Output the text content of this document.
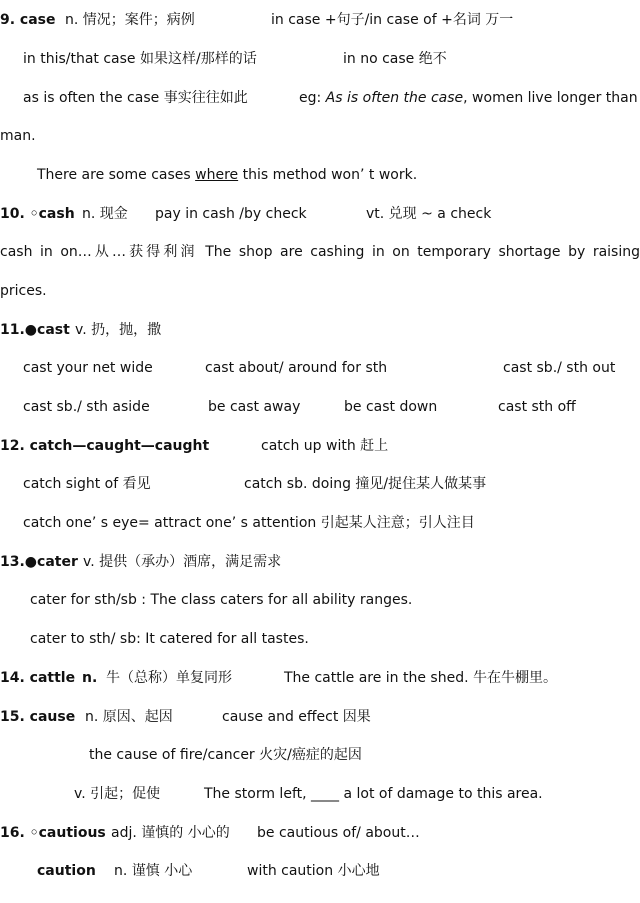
9. case n. 情况；案件；病例	in case +句子/in case of +名词 万一
in this/that case 如果这样/那样的话	in no case 绝不
as is often the case 事实往往如此	eg: As is often the case, women live longer than
man.
There are some cases where this method won’ t work.
10. ◦cash n. 现金 pay in cash /by check	vt. 兑现 ~ a check
cash in on…从…获得利润 The shop are cashing in on temporary shortage by raising
prices.
11.●cast v. 扔，抛，撒
cast your net wide	cast about/ around for sth	cast sb./ sth out
cast sb./ sth aside	be cast away	be cast down	cast sth off
12. catch—caught—caught	catch up with 赶上
catch sight of 看见	catch sb. doing 撞见/捉住某人做某事
catch one’ s eye= attract one’ s attention 引起某人注意；引人注目
13.●cater v. 提供（承办）酒席，满足需求
cater for sth/sb : The class caters for all ability ranges.
cater to sth/ sb: It catered for all tastes.
14. cattle n. 牛（总称）单复同形	The cattle are in the shed. 牛在牛棚里。
15. cause n. 原因、起因	cause and effect 因果
the cause of fire/cancer 火灾/癌症的起因
v. 引起；促使	The storm left, ____ a lot of damage to this area.
16. ◦cautious adj. 谨慎的 小心的 be cautious of/ about…
caution n. 谨慎 小心	with caution 小心地
